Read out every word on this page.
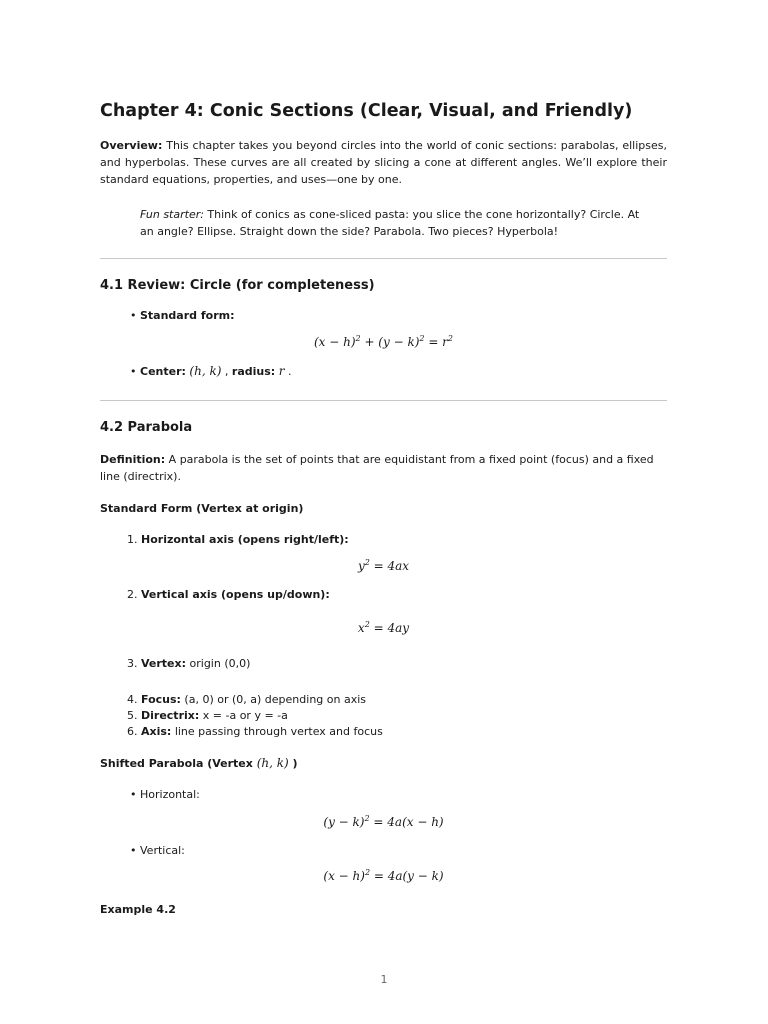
Chapter 4: Conic Sections (Clear, Visual, and Friendly)
Overview: This chapter takes you beyond circles into the world of conic sections: parabolas, ellipses, and hyperbolas. These curves are all created by slicing a cone at different angles. We’ll explore their standard equations, properties, and uses—one by one.
Fun starter: Think of conics as cone-sliced pasta: you slice the cone horizontally? Circle. At an angle? Ellipse. Straight down the side? Parabola. Two pieces? Hyperbola!
4.1 Review: Circle (for completeness)
• Standard form:
$(x - h)^2 + (y - k)^2 = r^2$
• Center: (h, k) , radius: r .
4.2 Parabola
Definition: A parabola is the set of points that are equidistant from a fixed point (focus) and a fixed line (directrix).
Standard Form (Vertex at origin)
1. Horizontal axis (opens right/left):
$y^2 = 4ax$
2. Vertical axis (opens up/down):
$x^2 = 4ay$
3. Vertex: origin (0,0)
4. Focus: (a, 0) or (0, a) depending on axis
5. Directrix: x = -a or y = -a
6. Axis: line passing through vertex and focus
Shifted Parabola (Vertex (h, k) )
• Horizontal:
$(y - k)^2 = 4a(x - h)$
• Vertical:
$(x - h)^2 = 4a(y - k)$
Example 4.2
1
